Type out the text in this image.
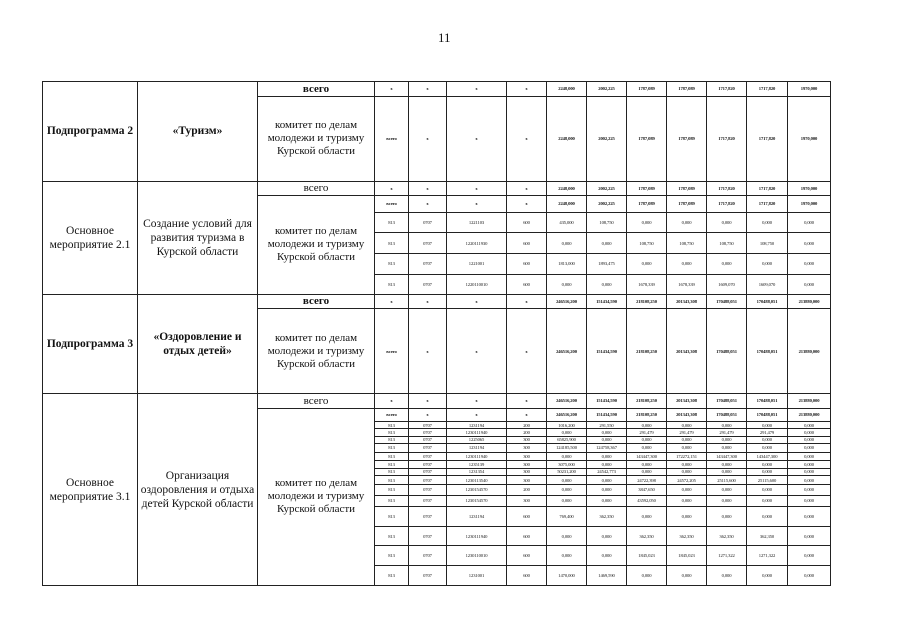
11
Подпрограмма 2	«Туризм»	всего	x	x	x	x	2248,000	2002,225	1787,089	1787,089	1717,820	1717,820	1970,000
		комитет по делам молодежи и туризму Курской области	всего	x	x	x	2248,000	2002,225	1787,089	1787,089	1717,820	1717,820	1970,000
Основное мероприятие 2.1	Создание условий для развития туризма в Курской области	всего	x	x	x	x	2248,000	2002,225	1787,089	1787,089	1717,820	1717,820	1970,000
		комитет по делам молодежи и туризму Курской области	всего	x	x	x	2248,000	2002,225	1787,089	1787,089	1717,820	1717,820	1970,000
			813	0707	1221103	600	435,000	108,750	0,000	0,000	0,000	0,000	0,000
			813	0707	1220111930	600	0,000	0,000	108,750	108,750	108,750	108,750	0,000
			813	0707	1221001	600	1813,000	1893,475	0,000	0,000	0,000	0,000	0,000
			813	0707	1220110010	600	0,000	0,000	1678,339	1678,339	1609,070	1609,070	0,000
Подпрограмма 3	«Оздоровление и отдых детей»	всего	x	x	x	x	246516,200	151434,590	218108,250	201343,308	170488,051	170488,051	213880,000
		комитет по делам молодежи и туризму Курской области	всего	x	x	x	246516,200	151434,590	218108,250	201343,308	170488,051	170488,051	213880,000
Основное мероприятие 3.1	Организация оздоровления и отдыха детей Курской области	всего	x	x	x	x	246516,200	151434,590	218108,250	201343,308	170488,051	170488,051	213880,000
		комитет по делам молодежи и туризму Курской области	всего	x	x	x	246516,200	151434,590	218108,250	201343,308	170488,051	170488,051	213880,000
			813	0707	1231194	200	1016,200	291,550	0,000	0,000	0,000	0,000	0,000
			813	0707	1230111940	200	0,000	0,000	291,479	291,479	291,479	291,479	0,000
			813	0707	1225065	300	65825,900	0,000	0,000	0,000	0,000	0,000	0,000
			813	0707	1231194	300	124185,500	124758,367	0,000	0,000	0,000	0,000	0,000
			813	0707	1230111940	300	0,000	0,000	143447,300	172272,151	143447,300	143447,300	0,000
			813	0707	1235139	300	3075,000	0,000	0,000	0,000	0,000	0,000	0,000
			813	0707	1231354	300	50231,200	24542,773	0,000	0,000	0,000	0,000	0,000
			813	0707	1230113540	300	0,000	0,000	24722,398	24572,205	25115,600	25115,600	0,000
			813	0707	1230154570	200	0,000	0,000	3847,650	0,000	0,000	0,000	0,000
			813	0707	1230154570	300	0,000	0,000	43592,050	0,000	0,000	0,000	0,000
			813	0707	1231194	600	769,400	362,350	0,000	0,000	0,000	0,000	0,000
			813	0707	1230111940	600	0,000	0,000	362,350	362,350	362,350	362,350	0,000
			813	0707	1230110010	600	0,000	0,000	1845,023	1845,023	1271,322	1271,322	0,000
			813	0707	1231001	600	1470,000	1469,590	0,000	0,000	0,000	0,000	0,000
